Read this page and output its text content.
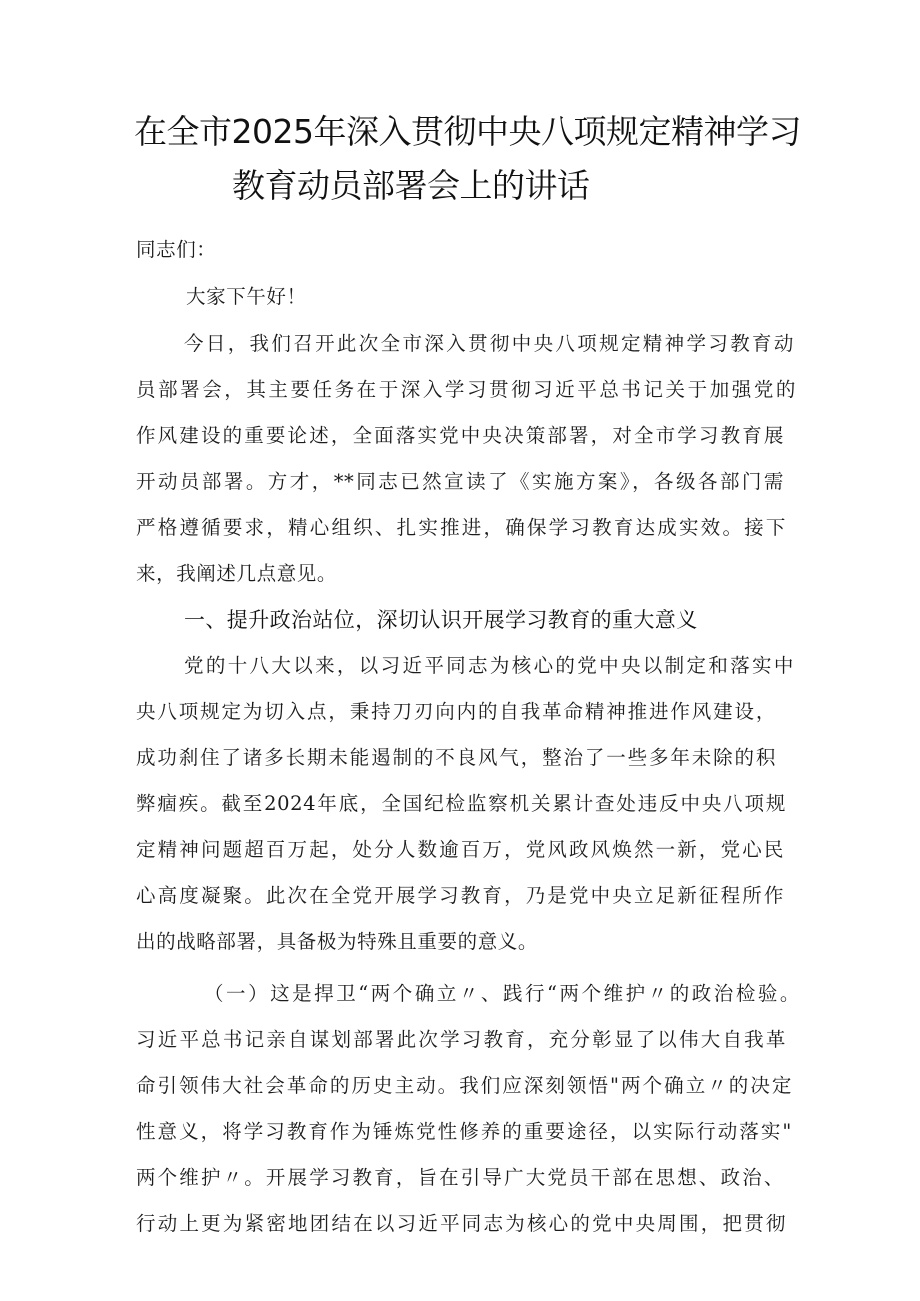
在全市2025年深入贯彻中央八项规定精神学习
教育动员部署会上的讲话
同志们：
大家下午好！
今日，我们召开此次全市深入贯彻中央八项规定精神学习教育动
员部署会，其主要任务在于深入学习贯彻习近平总书记关于加强党的
作风建设的重要论述，全面落实党中央决策部署，对全市学习教育展
开动员部署。方才，**同志已然宣读了《实施方案》，各级各部门需
严格遵循要求，精心组织、扎实推进，确保学习教育达成实效。接下
来，我阐述几点意见。
一、提升政治站位，深切认识开展学习教育的重大意义
党的十八大以来，以习近平同志为核心的党中央以制定和落实中
央八项规定为切入点，秉持刀刃向内的自我革命精神推进作风建设，
成功刹住了诸多长期未能遏制的不良风气，整治了一些多年未除的积
弊痼疾。截至2024年底，全国纪检监察机关累计查处违反中央八项规
定精神问题超百万起，处分人数逾百万，党风政风焕然一新，党心民
心高度凝聚。此次在全党开展学习教育，乃是党中央立足新征程所作
出的战略部署，具备极为特殊且重要的意义。
（一）这是捍卫“两个确立〃、践行“两个维护〃的政治检验。
习近平总书记亲自谋划部署此次学习教育，充分彰显了以伟大自我革
命引领伟大社会革命的历史主动。我们应深刻领悟"两个确立〃的决定
性意义，将学习教育作为锤炼党性修养的重要途径，以实际行动落实"
两个维护〃。开展学习教育，旨在引导广大党员干部在思想、政治、
行动上更为紧密地团结在以习近平同志为核心的党中央周围，把贯彻
